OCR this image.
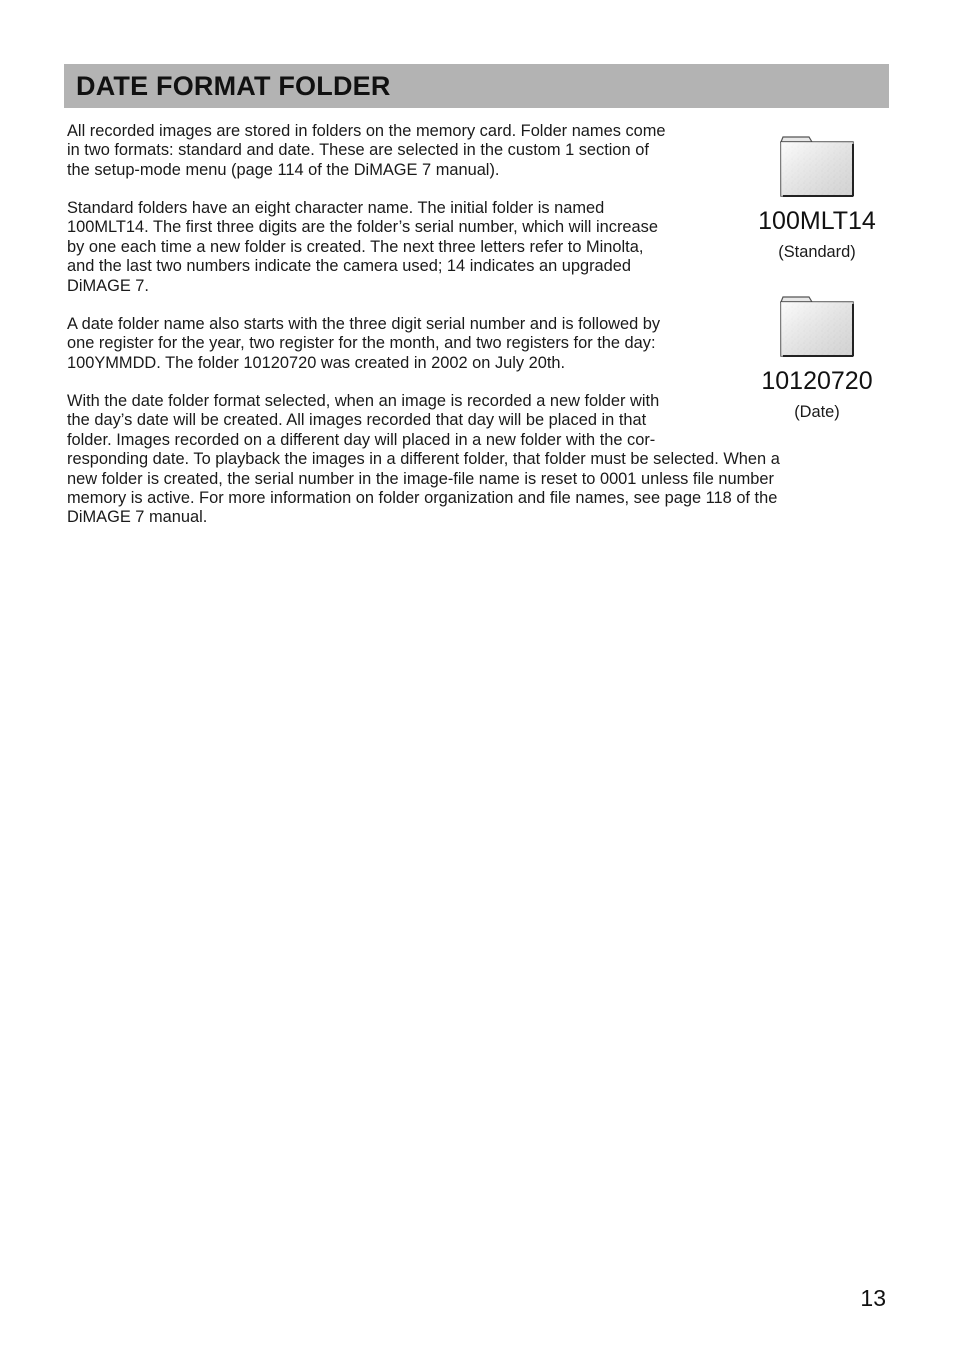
DATE FORMAT FOLDER

All recorded images are stored in folders on the memory card. Folder names come
in two formats: standard and date. These are selected in the custom 1 section of
the setup-mode menu (page 114 of the DiMAGE 7 manual).

Standard folders have an eight character name. The initial folder is named
100MLT14. The first three digits are the folder’s serial number, which will increase
by one each time a new folder is created. The next three letters refer to Minolta,
and the last two numbers indicate the camera used; 14 indicates an upgraded
DiMAGE 7.

A date folder name also starts with the three digit serial number and is followed by
one register for the year, two register for the month, and two registers for the day:
100YMMDD. The folder 10120720 was created in 2002 on July 20th.

With the date folder format selected, when an image is recorded a new folder with
the day’s date will be created. All images recorded that day will be placed in that
folder. Images recorded on a different day will placed in a new folder with the cor-
responding date. To playback the images in a different folder, that folder must be selected. When a
new folder is created, the serial number in the image-file name is reset to 0001 unless file number
memory is active. For more information on folder organization and file names, see page 118 of the
DiMAGE 7 manual.

100MLT14
(Standard)
10120720
(Date)
13
